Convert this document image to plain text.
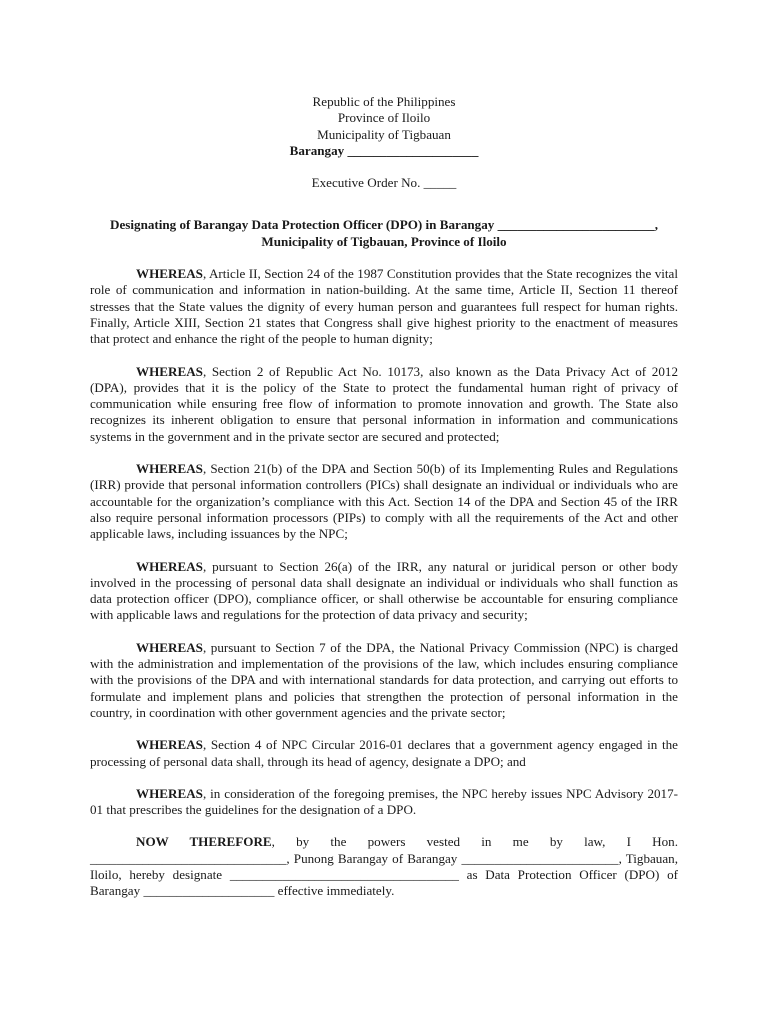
Republic of the Philippines
Province of Iloilo
Municipality of Tigbauan
Barangay ____________________
Executive Order No. _____
Designating of Barangay Data Protection Officer (DPO) in Barangay ________________________,
Municipality of Tigbauan, Province of Iloilo

WHEREAS, Article II, Section 24 of the 1987 Constitution provides that the State recognizes the vital role of communication and information in nation-building. At the same time, Article II, Section 11 thereof stresses that the State values the dignity of every human person and guarantees full respect for human rights. Finally, Article XIII, Section 21 states that Congress shall give highest priority to the enactment of measures that protect and enhance the right of the people to human dignity;

WHEREAS, Section 2 of Republic Act No. 10173, also known as the Data Privacy Act of 2012 (DPA), provides that it is the policy of the State to protect the fundamental human right of privacy of communication while ensuring free flow of information to promote innovation and growth. The State also recognizes its inherent obligation to ensure that personal information in information and communications systems in the government and in the private sector are secured and protected;

WHEREAS, Section 21(b) of the DPA and Section 50(b) of its Implementing Rules and Regulations (IRR) provide that personal information controllers (PICs) shall designate an individual or individuals who are accountable for the organization’s compliance with this Act. Section 14 of the DPA and Section 45 of the IRR also require personal information processors (PIPs) to comply with all the requirements of the Act and other applicable laws, including issuances by the NPC;

WHEREAS, pursuant to Section 26(a) of the IRR, any natural or juridical person or other body involved in the processing of personal data shall designate an individual or individuals who shall function as data protection officer (DPO), compliance officer, or shall otherwise be accountable for ensuring compliance with applicable laws and regulations for the protection of data privacy and security;

WHEREAS, pursuant to Section 7 of the DPA, the National Privacy Commission (NPC) is charged with the administration and implementation of the provisions of the law, which includes ensuring compliance with the provisions of the DPA and with international standards for data protection, and carrying out efforts to formulate and implement plans and policies that strengthen the protection of personal information in the country, in coordination with other government agencies and the private sector;

WHEREAS, Section 4 of NPC Circular 2016-01 declares that a government agency engaged in the processing of personal data shall, through its head of agency, designate a DPO; and

WHEREAS, in consideration of the foregoing premises, the NPC hereby issues NPC Advisory 2017-01 that prescribes the guidelines for the designation of a DPO.

NOW THEREFORE, by the powers vested in me by law, I Hon. ______________________________, Punong Barangay of Barangay ________________________, Tigbauan, Iloilo, hereby designate ___________________________________ as Data Protection Officer (DPO) of Barangay ____________________ effective immediately.
